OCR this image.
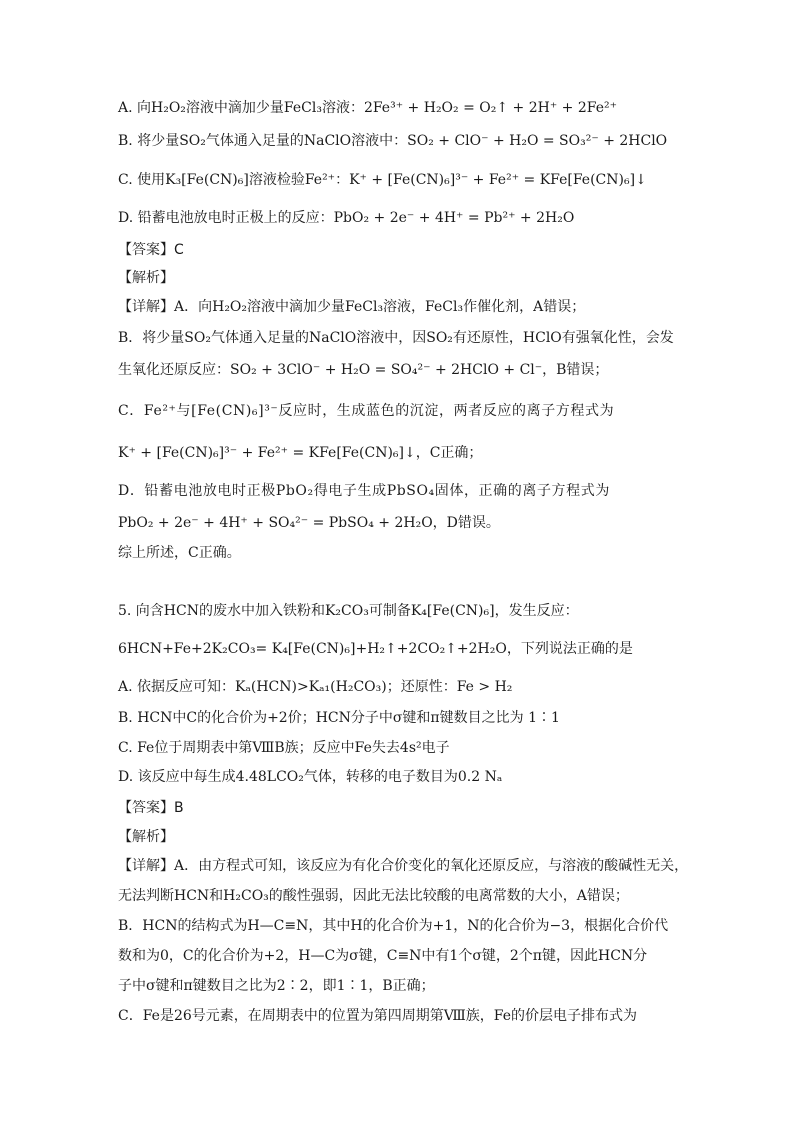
A. 向H₂O₂溶液中滴加少量FeCl₃溶液：2Fe³⁺ + H₂O₂ = O₂↑ + 2H⁺ + 2Fe²⁺
B. 将少量SO₂气体通入足量的NaClO溶液中：SO₂ + ClO⁻ + H₂O = SO₃²⁻ + 2HClO
C. 使用K₃[Fe(CN)₆]溶液检验Fe²⁺：K⁺ + [Fe(CN)₆]³⁻ + Fe²⁺ = KFe[Fe(CN)₆]↓
D. 铅蓄电池放电时正极上的反应：PbO₂ + 2e⁻ + 4H⁺ = Pb²⁺ + 2H₂O
【答案】C
【解析】
【详解】A．向H₂O₂溶液中滴加少量FeCl₃溶液，FeCl₃作催化剂，A错误；
B．将少量SO₂气体通入足量的NaClO溶液中，因SO₂有还原性，HClO有强氧化性，会发
生氧化还原反应：SO₂ + 3ClO⁻ + H₂O = SO₄²⁻ + 2HClO + Cl⁻，B错误；
C．Fe²⁺与[Fe(CN)₆]³⁻反应时，生成蓝色的沉淀，两者反应的离子方程式为
K⁺ + [Fe(CN)₆]³⁻ + Fe²⁺ = KFe[Fe(CN)₆]↓，C正确；
D．铅蓄电池放电时正极PbO₂得电子生成PbSO₄固体，正确的离子方程式为
PbO₂ + 2e⁻ + 4H⁺ + SO₄²⁻ = PbSO₄ + 2H₂O，D错误。
综上所述，C正确。
5. 向含HCN的废水中加入铁粉和K₂CO₃可制备K₄[Fe(CN)₆]，发生反应：
6HCN+Fe+2K₂CO₃= K₄[Fe(CN)₆]+H₂↑+2CO₂↑+2H₂O，下列说法正确的是
A. 依据反应可知：Kₐ(HCN)>Kₐ₁(H₂CO₃)；还原性：Fe > H₂
B. HCN中C的化合价为+2价；HCN分子中σ键和π键数目之比为 1∶1
C. Fe位于周期表中第ⅧB族；反应中Fe失去4s²电子
D. 该反应中每生成4.48LCO₂气体，转移的电子数目为0.2 Nₐ
【答案】B
【解析】
【详解】A．由方程式可知，该反应为有化合价变化的氧化还原反应，与溶液的酸碱性无关，
无法判断HCN和H₂CO₃的酸性强弱，因此无法比较酸的电离常数的大小，A错误；
B．HCN的结构式为H—C≡N，其中H的化合价为+1，N的化合价为−3，根据化合价代
数和为0，C的化合价为+2，H—C为σ键，C≡N中有1个σ键，2个π键，因此HCN分
子中σ键和π键数目之比为2∶2，即1∶1，B正确；
C．Fe是26号元素，在周期表中的位置为第四周期第Ⅷ族，Fe的价层电子排布式为
